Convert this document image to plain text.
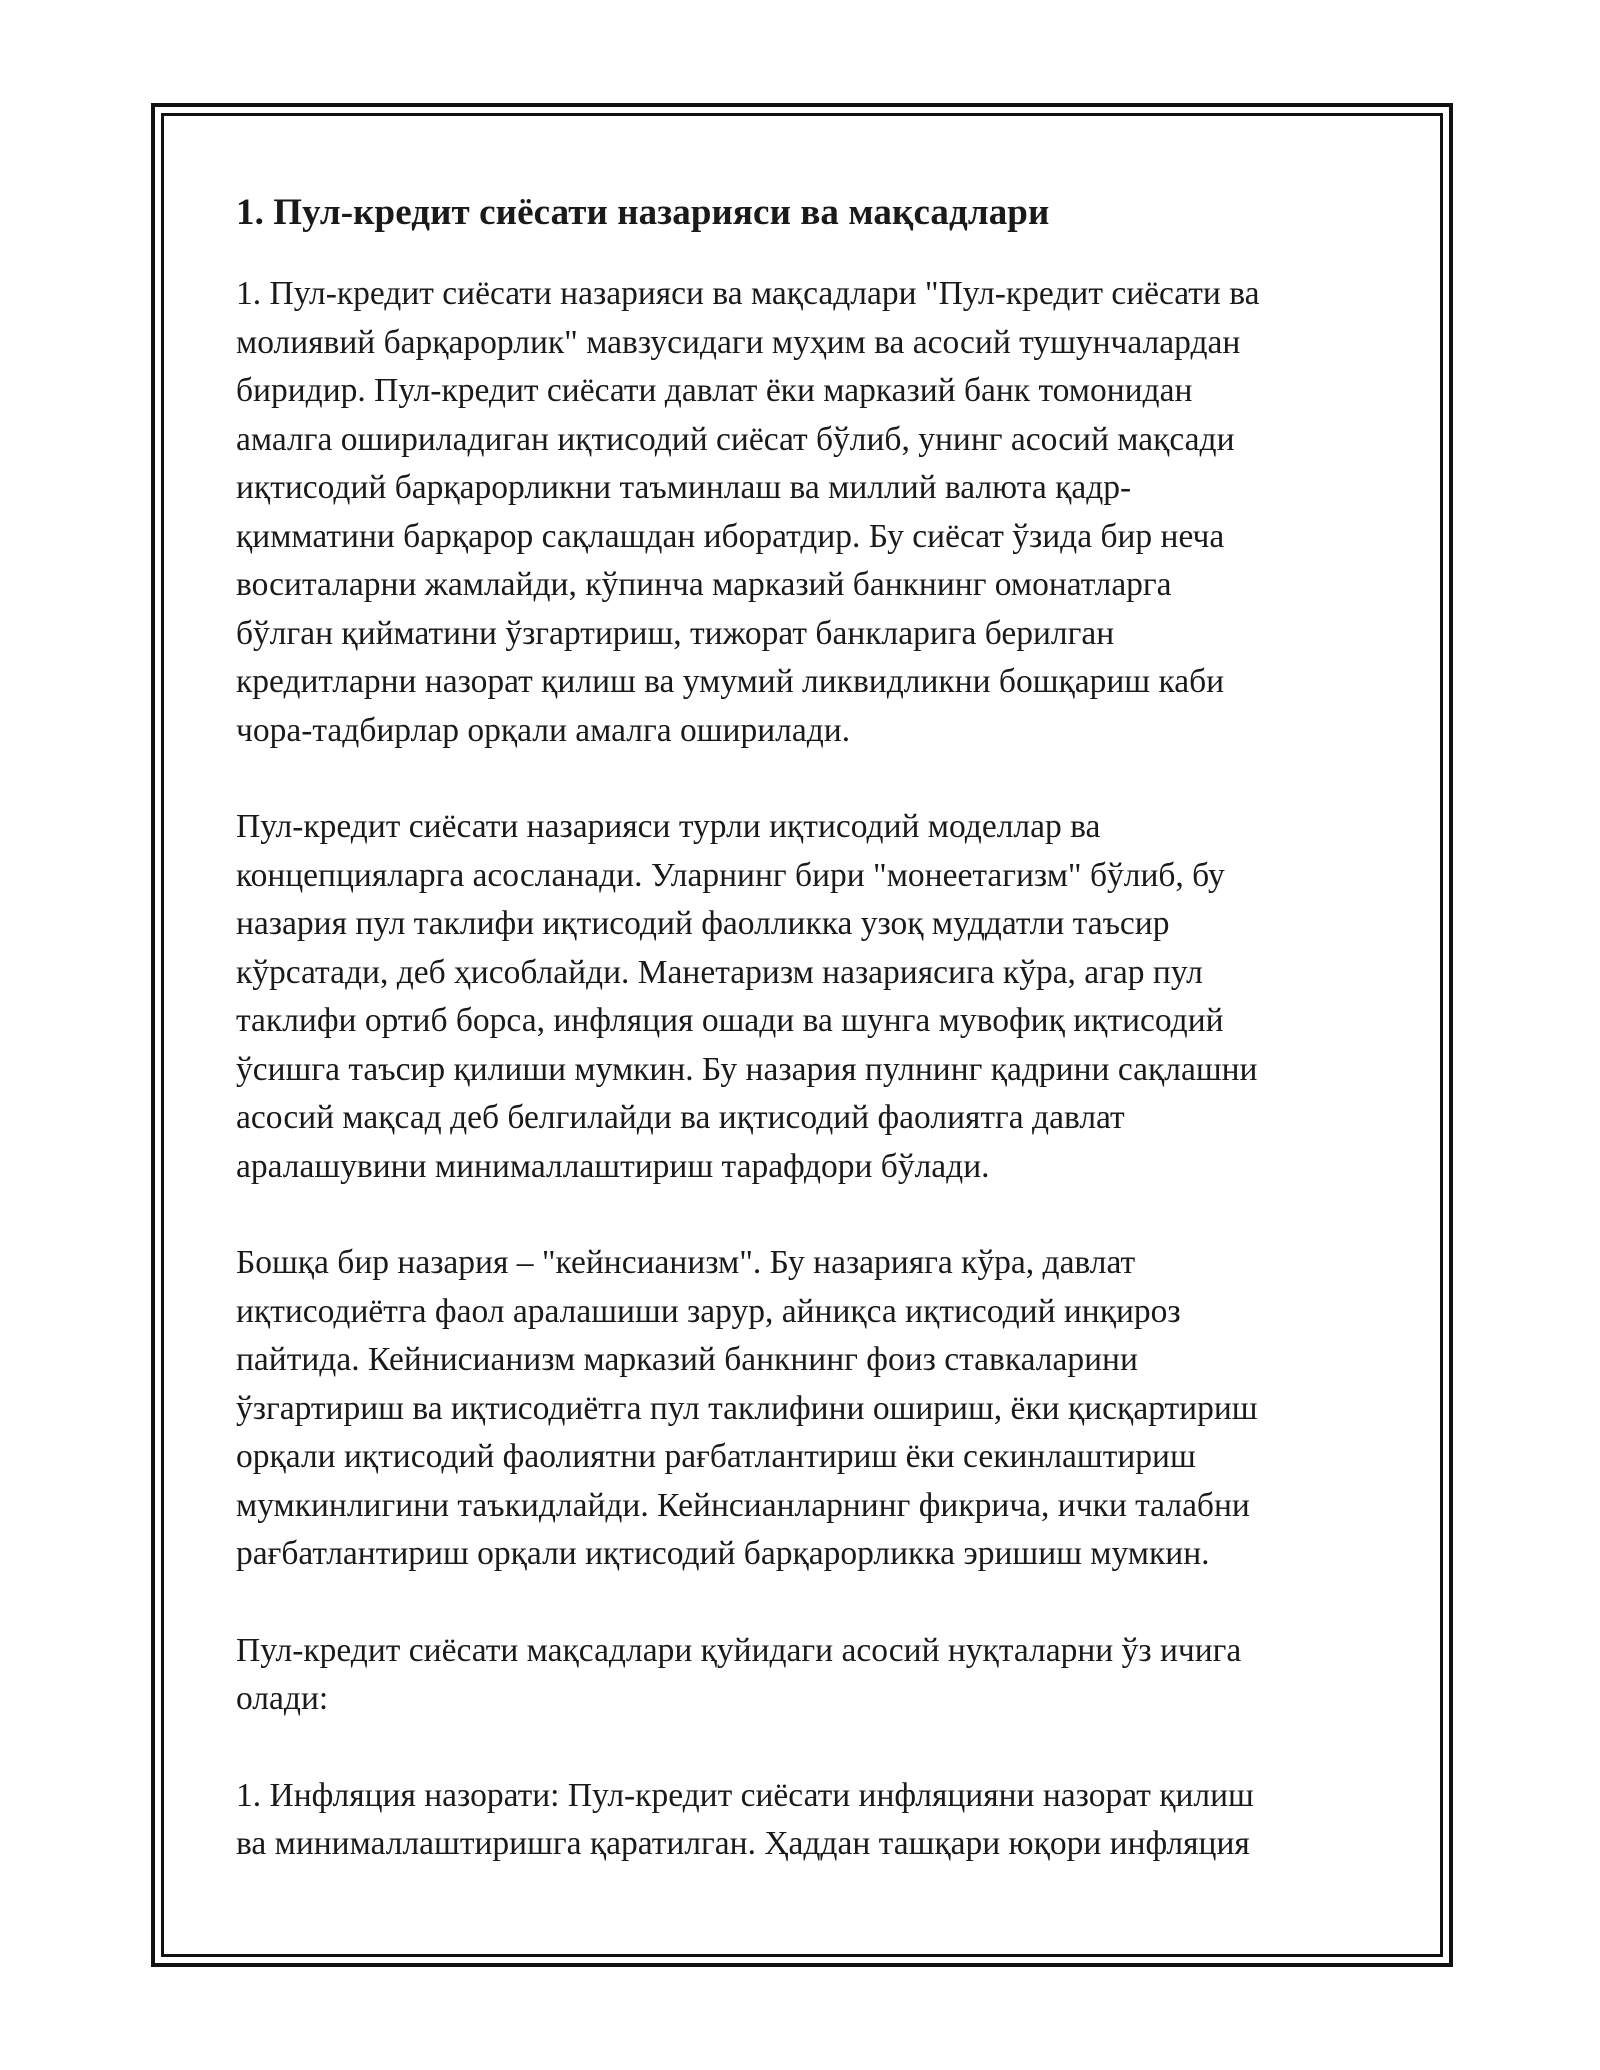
1. Пул-кредит сиёсати назарияси ва мақсадлари

1. Пул-кредит сиёсати назарияси ва мақсадлари "Пул-кредит сиёсати ва
молиявий барқарорлик" мавзусидаги муҳим ва асосий тушунчалардан
биридир. Пул-кредит сиёсати давлат ёки марказий банк томонидан
амалга ошириладиган иқтисодий сиёсат бўлиб, унинг асосий мақсади
иқтисодий барқарорликни таъминлаш ва миллий валюта қадр-
қимматини барқарор сақлашдан иборатдир. Бу сиёсат ўзида бир неча
воситаларни жамлайди, кўпинча марказий банкнинг омонатларга
бўлган қийматини ўзгартириш, тижорат банкларига берилган
кредитларни назорат қилиш ва умумий ликвидликни бошқариш каби
чора-тадбирлар орқали амалга оширилади.

Пул-кредит сиёсати назарияси турли иқтисодий моделлар ва
концепцияларга асосланади. Уларнинг бири "монеетагизм" бўлиб, бу
назария пул таклифи иқтисодий фаолликка узоқ муддатли таъсир
кўрсатади, деб ҳисоблайди. Манетаризм назариясига кўра, агар пул
таклифи ортиб борса, инфляция ошади ва шунга мувофиқ иқтисодий
ўсишга таъсир қилиши мумкин. Бу назария пулнинг қадрини сақлашни
асосий мақсад деб белгилайди ва иқтисодий фаолиятга давлат
аралашувини минималлаштириш тарафдори бўлади.

Бошқа бир назария – "кейнсианизм". Бу назарияга кўра, давлат
иқтисодиётга фаол аралашиши зарур, айниқса иқтисодий инқироз
пайтида. Кейнисианизм марказий банкнинг фоиз ставкаларини
ўзгартириш ва иқтисодиётга пул таклифини ошириш, ёки қисқартириш
орқали иқтисодий фаолиятни рағбатлантириш ёки секинлаштириш
мумкинлигини таъкидлайди. Кейнсианларнинг фикрича, ички талабни
рағбатлантириш орқали иқтисодий барқарорликка эришиш мумкин.

Пул-кредит сиёсати мақсадлари қуйидаги асосий нуқталарни ўз ичига
олади:

1. Инфляция назорати: Пул-кредит сиёсати инфляцияни назорат қилиш
ва минималлаштиришга қаратилган. Ҳаддан ташқари юқори инфляция
